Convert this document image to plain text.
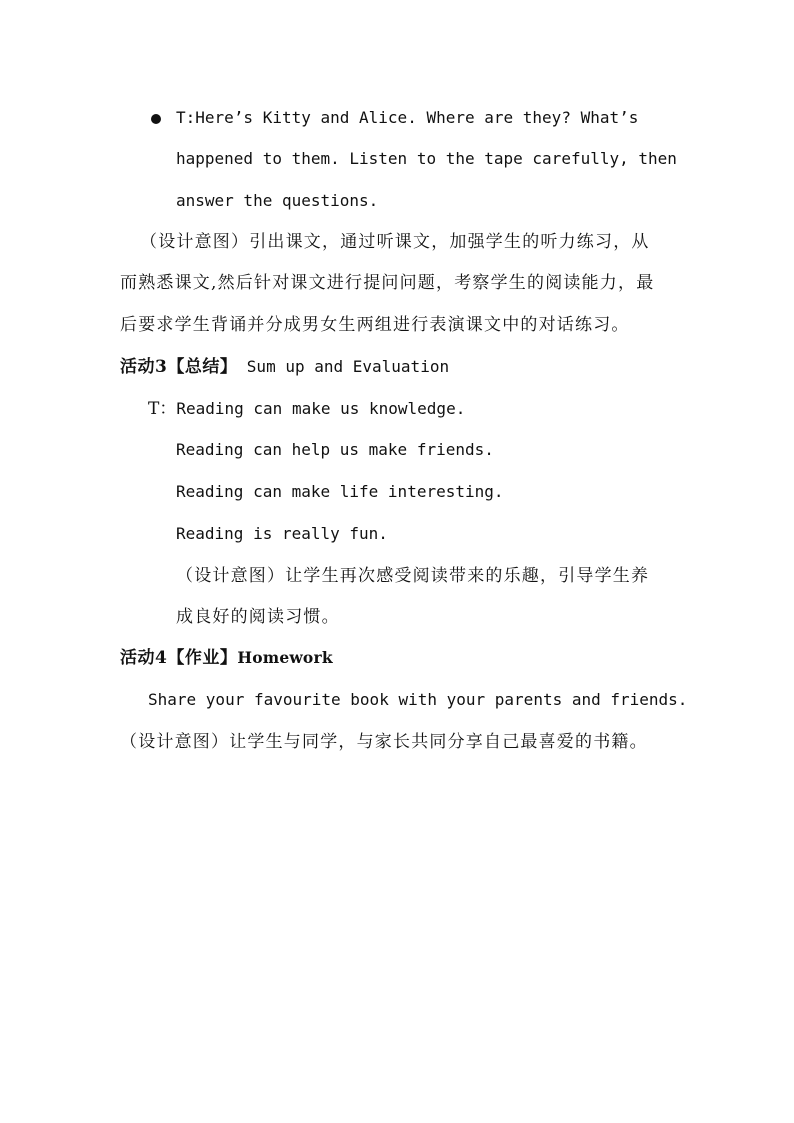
T:Here’s Kitty and Alice. Where are they? What’s
happened to them. Listen to the tape carefully, then
answer the questions.
（设计意图）引出课文，通过听课文，加强学生的听力练习，从
而熟悉课文,然后针对课文进行提问问题，考察学生的阅读能力，最
后要求学生背诵并分成男女生两组进行表演课文中的对话练习。
活动3【总结】 Sum up and Evaluation
T：Reading can make us knowledge.
Reading can help us make friends.
Reading can make life interesting.
Reading is really fun.
（设计意图）让学生再次感受阅读带来的乐趣，引导学生养
成良好的阅读习惯。
活动4【作业】Homework
Share your favourite book with your parents and friends.
（设计意图）让学生与同学，与家长共同分享自己最喜爱的书籍。
